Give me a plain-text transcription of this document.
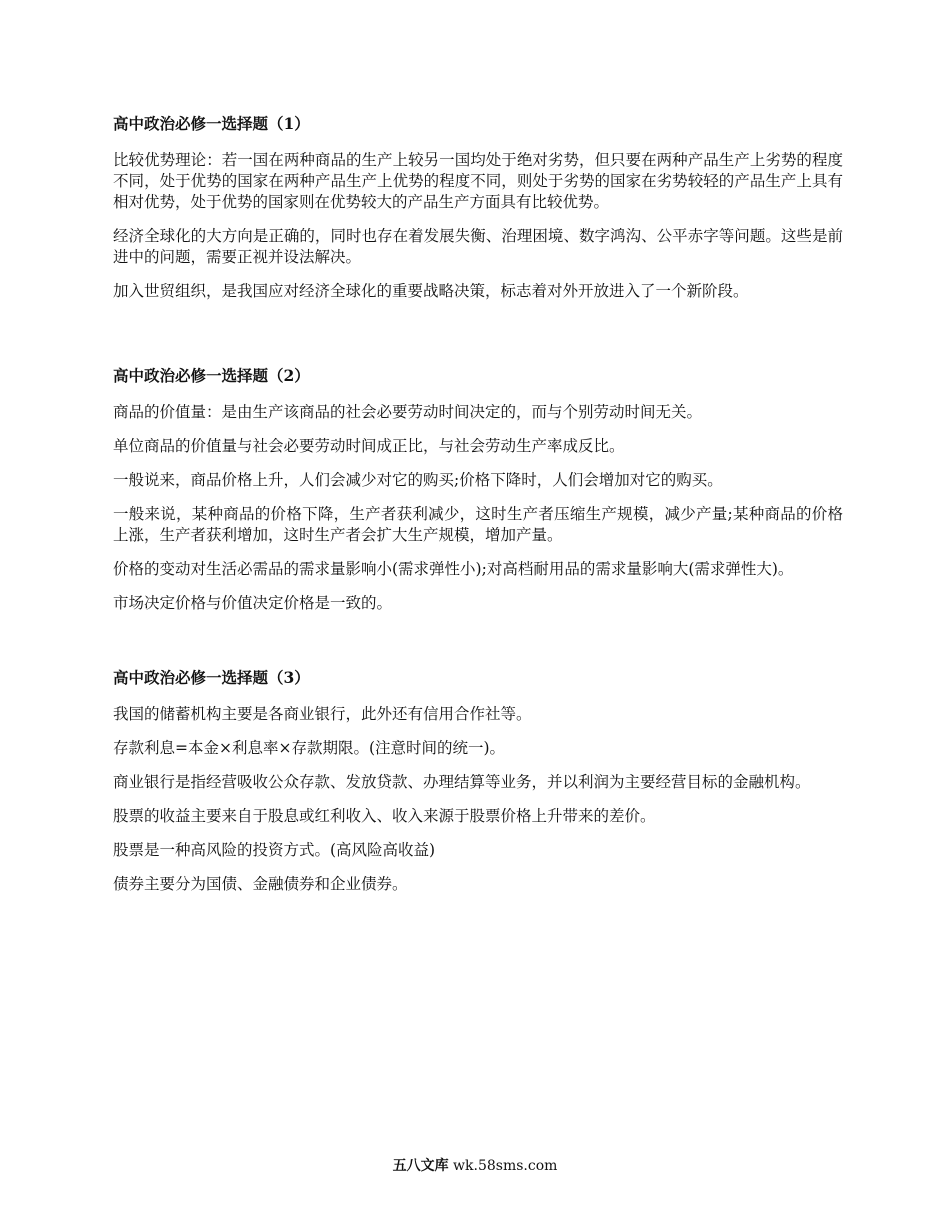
高中政治必修一选择题（1）

比较优势理论：若一国在两种商品的生产上较另一国均处于绝对劣势，但只要在两种产品生产上劣势的程度不同，处于优势的国家在两种产品生产上优势的程度不同，则处于劣势的国家在劣势较轻的产品生产上具有相对优势，处于优势的国家则在优势较大的产品生产方面具有比较优势。

经济全球化的大方向是正确的，同时也存在着发展失衡、治理困境、数字鸿沟、公平赤字等问题。这些是前进中的问题，需要正视并设法解决。

加入世贸组织，是我国应对经济全球化的重要战略决策，标志着对外开放进入了一个新阶段。

高中政治必修一选择题（2）

商品的价值量：是由生产该商品的社会必要劳动时间决定的，而与个别劳动时间无关。

单位商品的价值量与社会必要劳动时间成正比，与社会劳动生产率成反比。

一般说来，商品价格上升，人们会减少对它的购买;价格下降时，人们会增加对它的购买。

一般来说，某种商品的价格下降，生产者获利减少，这时生产者压缩生产规模，减少产量;某种商品的价格上涨，生产者获利增加，这时生产者会扩大生产规模，增加产量。

价格的变动对生活必需品的需求量影响小(需求弹性小);对高档耐用品的需求量影响大(需求弹性大)。

市场决定价格与价值决定价格是一致的。

高中政治必修一选择题（3）

我国的储蓄机构主要是各商业银行，此外还有信用合作社等。

存款利息=本金×利息率×存款期限。(注意时间的统一)。

商业银行是指经营吸收公众存款、发放贷款、办理结算等业务，并以利润为主要经营目标的金融机构。

股票的收益主要来自于股息或红利收入、收入来源于股票价格上升带来的差价。

股票是一种高风险的投资方式。(高风险高收益)

债券主要分为国债、金融债券和企业债券。

五八文库 wk.58sms.com
